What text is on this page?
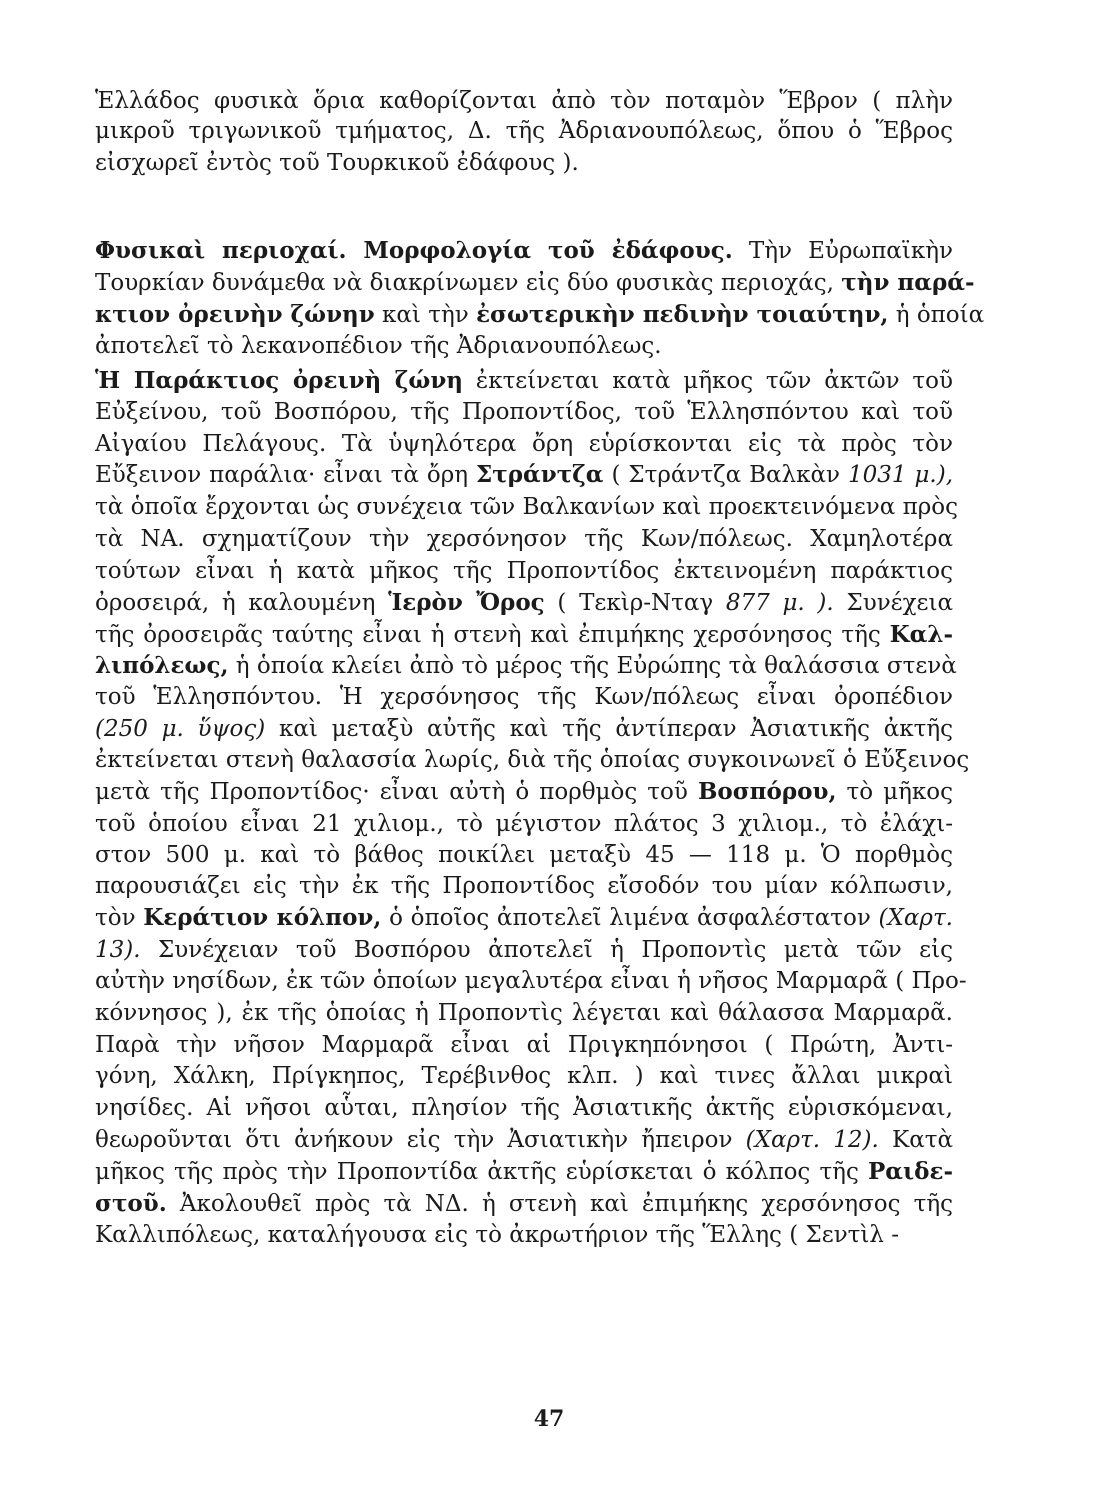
Ἑλλάδος φυσικὰ ὅρια καθορίζονται ἀπὸ τὸν ποταμὸν Ἕβρον ( πλὴν
μικροῦ τριγωνικοῦ τμήματος, Δ. τῆς Ἀδριανουπόλεως, ὅπου ὁ Ἕβρος
εἰσχωρεῖ ἐντὸς τοῦ Τουρκικοῦ ἐδάφους ).
Φυσικαὶ περιοχαί. Μορφολογία τοῦ ἐδάφους. Τὴν Εὐρωπαϊκὴν
Τουρκίαν δυνάμεθα νὰ διακρίνωμεν εἰς δύο φυσικὰς περιοχάς, τὴν παρά-
κτιον ὀρεινὴν ζώνην καὶ τὴν ἐσωτερικὴν πεδινὴν τοιαύτην, ἡ ὁποία
ἀποτελεῖ τὸ λεκανοπέδιον τῆς Ἀδριανουπόλεως.
Ἡ Παράκτιος ὀρεινὴ ζώνη ἐκτείνεται κατὰ μῆκος τῶν ἀκτῶν τοῦ
Εὐξείνου, τοῦ Βοσπόρου, τῆς Προποντίδος, τοῦ Ἑλλησπόντου καὶ τοῦ
Αἰγαίου Πελάγους. Τὰ ὑψηλότερα ὄρη εὑρίσκονται εἰς τὰ πρὸς τὸν
Εὔξεινον παράλια· εἶναι τὰ ὄρη Στράντζα ( Στράντζα Βαλκὰν 1031 μ.),
τὰ ὁποῖα ἔρχονται ὡς συνέχεια τῶν Βαλκανίων καὶ προεκτεινόμενα πρὸς
τὰ ΝΑ. σχηματίζουν τὴν χερσόνησον τῆς Κων/πόλεως. Χαμηλοτέρα
τούτων εἶναι ἡ κατὰ μῆκος τῆς Προποντίδος ἐκτεινομένη παράκτιος
ὀροσειρά, ἡ καλουμένη Ἱερὸν Ὄρος ( Τεκὶρ-Νταγ 877 μ. ). Συνέχεια
τῆς ὀροσειρᾶς ταύτης εἶναι ἡ στενὴ καὶ ἐπιμήκης χερσόνησος τῆς Καλ-
λιπόλεως, ἡ ὁποία κλείει ἀπὸ τὸ μέρος τῆς Εὐρώπης τὰ θαλάσσια στενὰ
τοῦ Ἑλλησπόντου. Ἡ χερσόνησος τῆς Κων/πόλεως εἶναι ὀροπέδιον
(250 μ. ὕψος) καὶ μεταξὺ αὐτῆς καὶ τῆς ἀντίπεραν Ἀσιατικῆς ἀκτῆς
ἐκτείνεται στενὴ θαλασσία λωρίς, διὰ τῆς ὁποίας συγκοινωνεῖ ὁ Εὔξεινος
μετὰ τῆς Προποντίδος· εἶναι αὐτὴ ὁ πορθμὸς τοῦ Βοσπόρου, τὸ μῆκος
τοῦ ὁποίου εἶναι 21 χιλιομ., τὸ μέγιστον πλάτος 3 χιλιομ., τὸ ἐλάχι-
στον 500 μ. καὶ τὸ βάθος ποικίλει μεταξὺ 45 — 118 μ. Ὁ πορθμὸς
παρουσιάζει εἰς τὴν ἐκ τῆς Προποντίδος εἴσοδόν του μίαν κόλπωσιν,
τὸν Κεράτιον κόλπον, ὁ ὁποῖος ἀποτελεῖ λιμένα ἀσφαλέστατον (Χαρτ.
13). Συνέχειαν τοῦ Βοσπόρου ἀποτελεῖ ἡ Προποντὶς μετὰ τῶν εἰς
αὐτὴν νησίδων, ἐκ τῶν ὁποίων μεγαλυτέρα εἶναι ἡ νῆσος Μαρμαρᾶ ( Προ-
κόννησος ), ἐκ τῆς ὁποίας ἡ Προποντὶς λέγεται καὶ θάλασσα Μαρμαρᾶ.
Παρὰ τὴν νῆσον Μαρμαρᾶ εἶναι αἱ Πριγκηπόνησοι ( Πρώτη, Ἀντι-
γόνη, Χάλκη, Πρίγκηπος, Τερέβινθος κλπ. ) καὶ τινες ἄλλαι μικραὶ
νησίδες. Αἱ νῆσοι αὗται, πλησίον τῆς Ἀσιατικῆς ἀκτῆς εὑρισκόμεναι,
θεωροῦνται ὅτι ἀνήκουν εἰς τὴν Ἀσιατικὴν ἤπειρον (Χαρτ. 12). Κατὰ
μῆκος τῆς πρὸς τὴν Προποντίδα ἀκτῆς εὑρίσκεται ὁ κόλπος τῆς Ραιδε-
στοῦ. Ἀκολουθεῖ πρὸς τὰ ΝΔ. ἡ στενὴ καὶ ἐπιμήκης χερσόνησος τῆς
Καλλιπόλεως, καταλήγουσα εἰς τὸ ἀκρωτήριον τῆς Ἕλλης ( Σεντὶλ -
47
